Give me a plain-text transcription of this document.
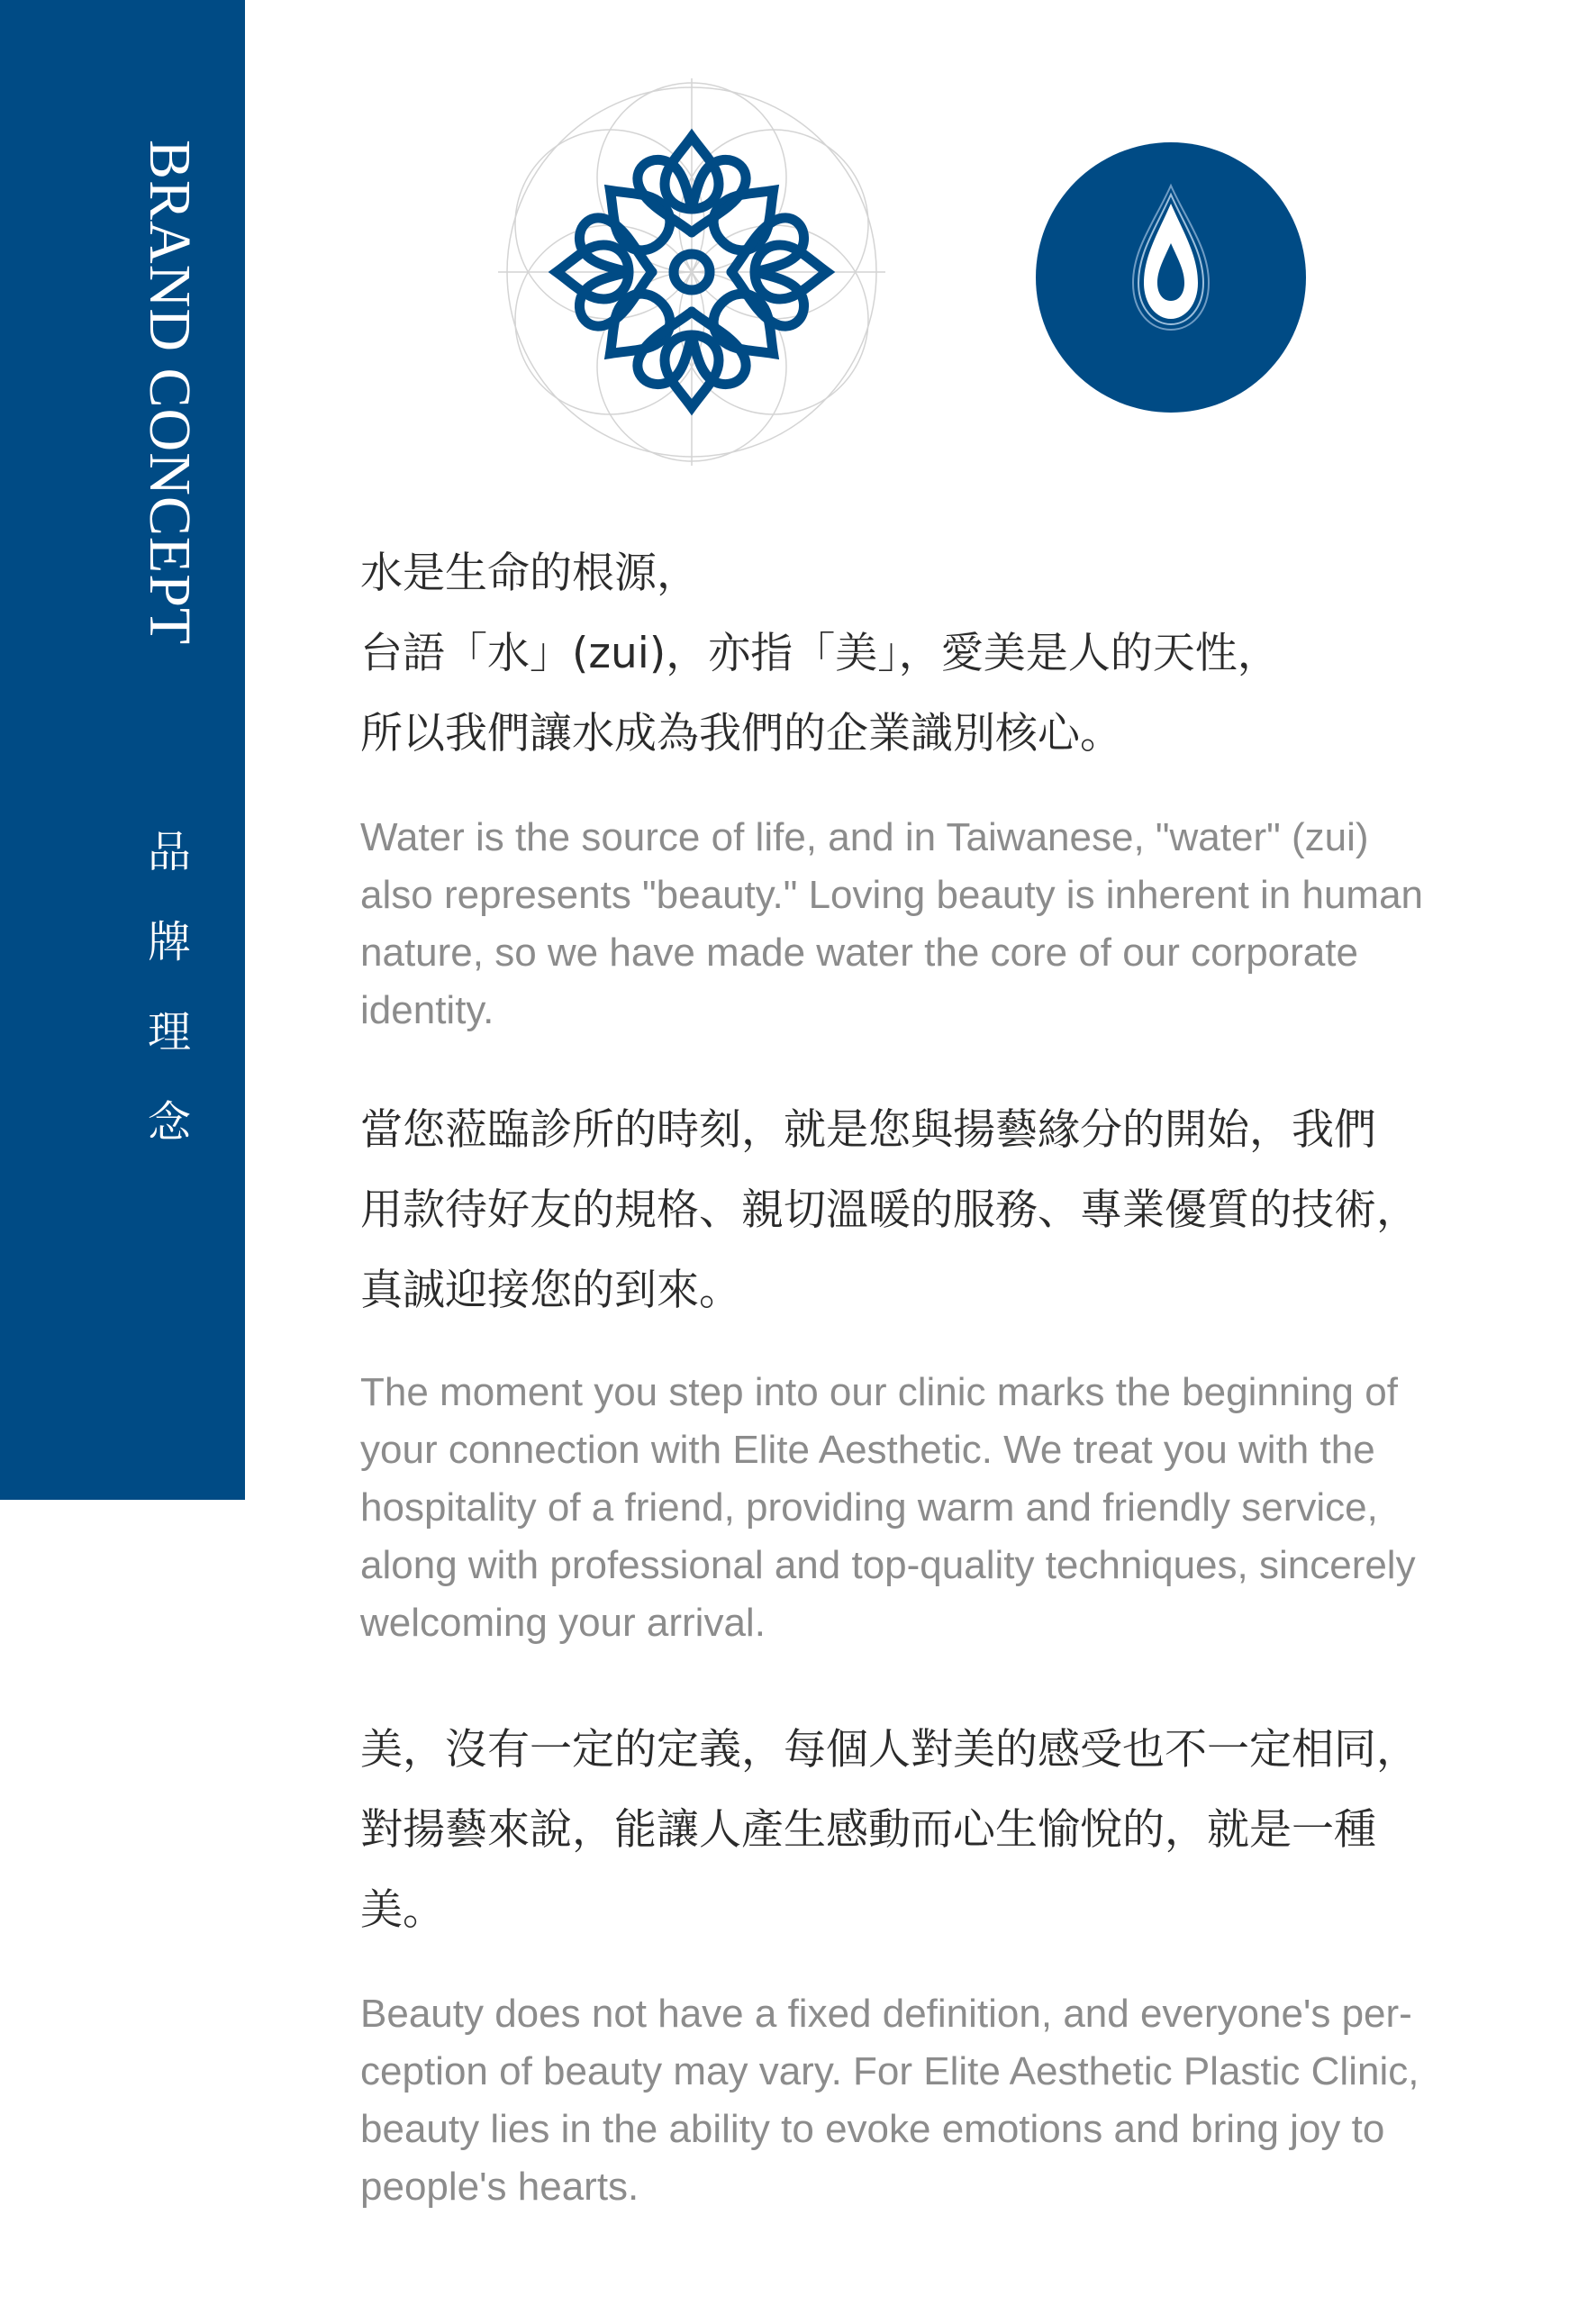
BRAND CONCEPT
品
牌
理
念
水是生命的根源，
台語「水」(zui)，亦指「美」，愛美是人的天性，
所以我們讓水成為我們的企業識別核心。
Water is the source of life, and in Taiwanese, "water" (zui)
also represents "beauty." Loving beauty is inherent in human
nature, so we have made water the core of our corporate
identity.
當您蒞臨診所的時刻，就是您與揚藝緣分的開始，我們
用款待好友的規格、親切溫暖的服務、專業優質的技術，
真誠迎接您的到來。
The moment you step into our clinic marks the beginning of
your connection with Elite Aesthetic. We treat you with the
hospitality of a friend, providing warm and friendly service,
along with professional and top-quality techniques, sincerely
welcoming your arrival.
美，沒有一定的定義，每個人對美的感受也不一定相同，
對揚藝來說，能讓人產生感動而心生愉悅的，就是一種
美。
Beauty does not have a fixed definition, and everyone's per-
ception of beauty may vary. For Elite Aesthetic Plastic Clinic,
beauty lies in the ability to evoke emotions and bring joy to
people's hearts.
